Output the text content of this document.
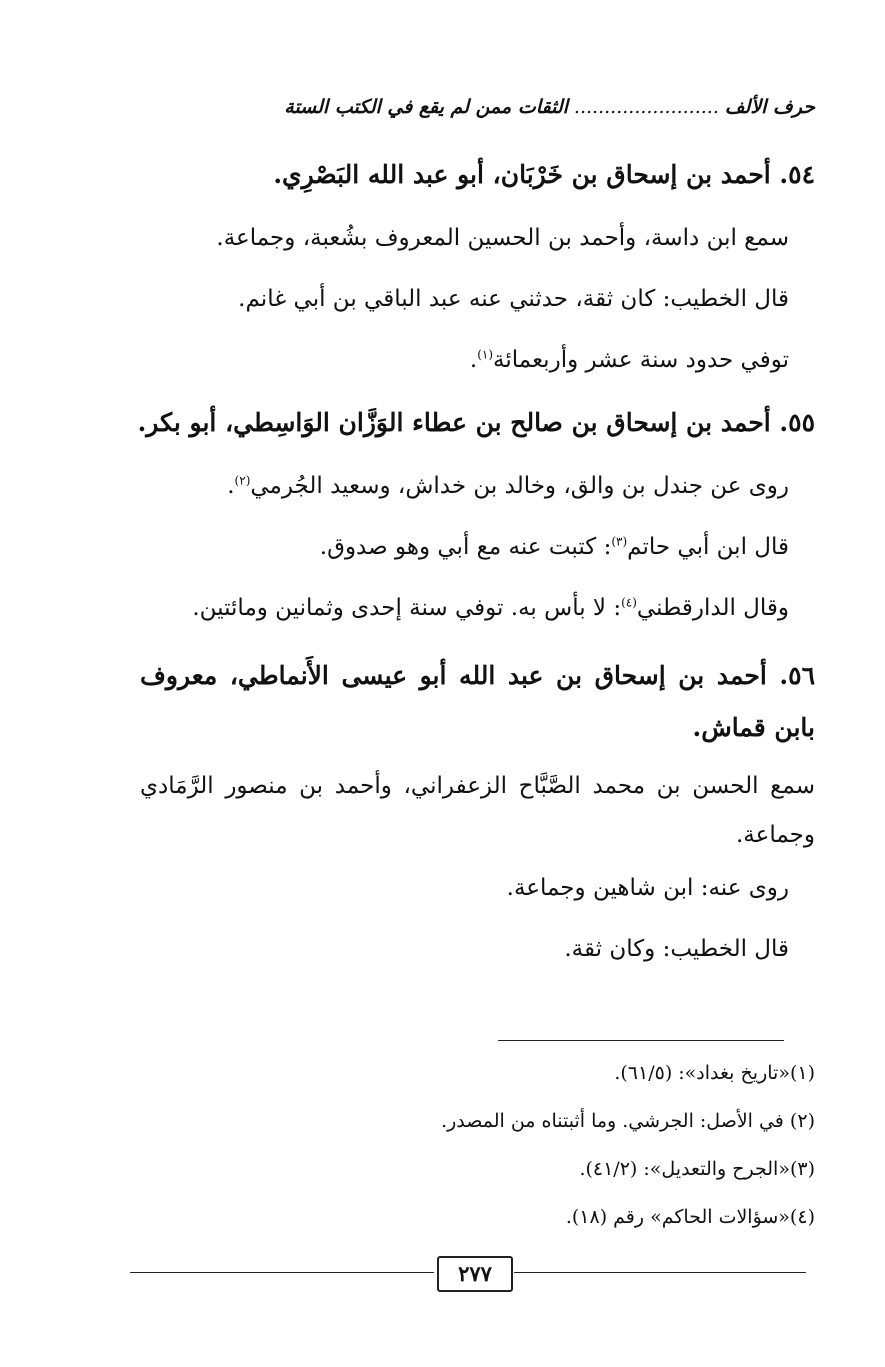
حرف الألف........................الثقات ممن لم يقع في الكتب الستة
٥٤. أحمد بن إسحاق بن خَرْبَان، أبو عبد الله البَصْرِي.
سمع ابن داسة، وأحمد بن الحسين المعروف بشُعبة، وجماعة.
قال الخطيب: كان ثقة، حدثني عنه عبد الباقي بن أبي غانم.
توفي حدود سنة عشر وأربعمائة$^{(١)}$.
٥٥. أحمد بن إسحاق بن صالح بن عطاء الوَزَّان الوَاسِطي، أبو بكر.
روى عن جندل بن والق، وخالد بن خداش، وسعيد الجُرمي$^{(٢)}$.
قال ابن أبي حاتم$^{(٣)}$: كتبت عنه مع أبي وهو صدوق.
وقال الدارقطني$^{(٤)}$: لا بأس به. توفي سنة إحدى وثمانين ومائتين.
٥٦. أحمد بن إسحاق بن عبد الله أبو عيسى الأَنماطي، معروف بابن قماش.
سمع الحسن بن محمد الصَّبَّاح الزعفراني، وأحمد بن منصور الرَّمَادي وجماعة.
روى عنه: ابن شاهين وجماعة.
قال الخطيب: وكان ثقة.
(١)«تاريخ بغداد»: (٦١/٥).
(٢) في الأصل: الجرشي. وما أثبتناه من المصدر.
(٣)«الجرح والتعديل»: (٤١/٢).
(٤)«سؤالات الحاكم» رقم (١٨).
٢٧٧
